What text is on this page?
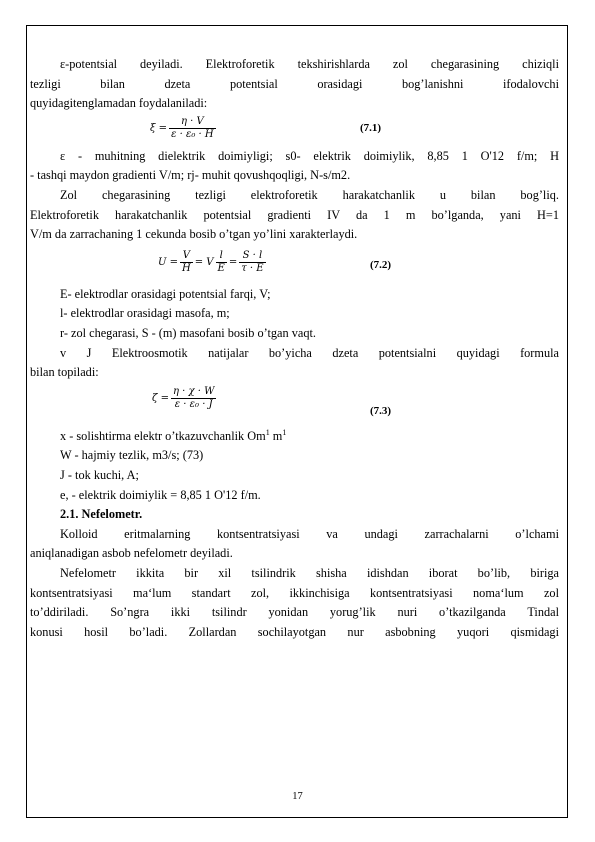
ε-potentsial deyiladi. Elektroforetik tekshirishlarda zol chegarasining chiziqli

tezligi bilan dzeta potentsial orasidagi bog’lanishni ifodalovchi

quyidagitenglamadan foydalaniladi:

$\xi = \frac{\eta \cdot V}{\text{ε · ε₀ · H}}$	(7.1)

ε - muhitning dielektrik doimiyligi; s0- elektrik doimiylik, 8,85 1 O'12 f/m; H

- tashqi maydon gradienti V/m; rj- muhit qovushqoqligi, N-s/m2.

Zol chegarasining tezligi elektroforetik harakatchanlik u bilan bog’liq.

Elektroforetik harakatchanlik potentsial gradienti IV da 1 m bo’lganda, yani H=1

V/m da zarrachaning 1 cekunda bosib o’tgan yo’lini xarakterlaydi.

$U = \frac{V}{H} = V \frac{l}{E} = \frac{S \cdot l}{\tau \cdot E}$	(7.2)

E- elektrodlar orasidagi potentsial farqi, V;

l- elektrodlar orasidagi masofa, m;

r- zol chegarasi, S - (m) masofani bosib o’tgan vaqt.

v J Elektroosmotik natijalar bo’yicha dzeta potentsialni quyidagi formula

bilan topiladi:

$\zeta = \frac{\eta \cdot \chi \cdot W}{\text{ε · ε₀ · J}}$	(7.3)

x - solishtirma elektr o’tkazuvchanlik Om$^1$ $m^1$

W - hajmiy tezlik, m3/s; (73)

J - tok kuchi, A;

e, - elektrik doimiylik = 8,85 1 O'12 f/m.

2.1. Nefelometr.

Kolloid eritmalarning kontsentratsiyasi va undagi zarrachalarni o’lchami

aniqlanadigan asbob nefelometr deyiladi.

Nefelometr ikkita bir xil tsilindrik shisha idishdan iborat bo’lib, biriga

kontsentratsiyasi ma‘lum standart zol, ikkinchisiga kontsentratsiyasi noma‘lum zol

to’ddiriladi. So’ngra ikki tsilindr yonidan yorug’lik nuri o’tkazilganda Tindal

konusi hosil bo’ladi. Zollardan sochilayotgan nur asbobning yuqori qismidagi

17
